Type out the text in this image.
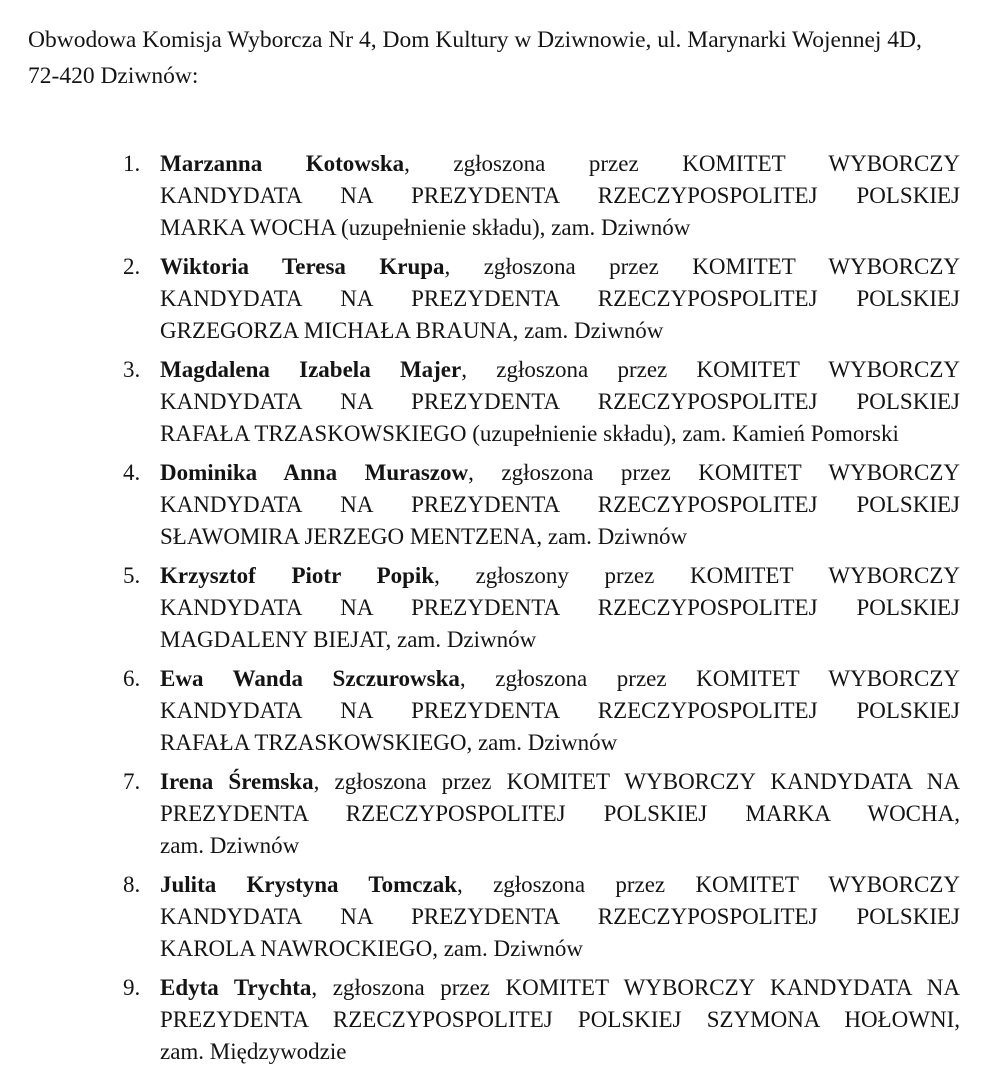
Obwodowa Komisja Wyborcza Nr 4, Dom Kultury w Dziwnowie, ul. Marynarki Wojennej 4D,
72-420 Dziwnów:
1. Marzanna Kotowska, zgłoszona przez KOMITET WYBORCZY
KANDYDATA NA PREZYDENTA RZECZYPOSPOLITEJ POLSKIEJ
MARKA WOCHA (uzupełnienie składu), zam. Dziwnów
2. Wiktoria Teresa Krupa, zgłoszona przez KOMITET WYBORCZY
KANDYDATA NA PREZYDENTA RZECZYPOSPOLITEJ POLSKIEJ
GRZEGORZA MICHAŁA BRAUNA, zam. Dziwnów
3. Magdalena Izabela Majer, zgłoszona przez KOMITET WYBORCZY
KANDYDATA NA PREZYDENTA RZECZYPOSPOLITEJ POLSKIEJ
RAFAŁA TRZASKOWSKIEGO (uzupełnienie składu), zam. Kamień Pomorski
4. Dominika Anna Muraszow, zgłoszona przez KOMITET WYBORCZY
KANDYDATA NA PREZYDENTA RZECZYPOSPOLITEJ POLSKIEJ
SŁAWOMIRA JERZEGO MENTZENA, zam. Dziwnów
5. Krzysztof Piotr Popik, zgłoszony przez KOMITET WYBORCZY
KANDYDATA NA PREZYDENTA RZECZYPOSPOLITEJ POLSKIEJ
MAGDALENY BIEJAT, zam. Dziwnów
6. Ewa Wanda Szczurowska, zgłoszona przez KOMITET WYBORCZY
KANDYDATA NA PREZYDENTA RZECZYPOSPOLITEJ POLSKIEJ
RAFAŁA TRZASKOWSKIEGO, zam. Dziwnów
7. Irena Śremska, zgłoszona przez KOMITET WYBORCZY KANDYDATA NA
PREZYDENTA RZECZYPOSPOLITEJ POLSKIEJ MARKA WOCHA,
zam. Dziwnów
8. Julita Krystyna Tomczak, zgłoszona przez KOMITET WYBORCZY
KANDYDATA NA PREZYDENTA RZECZYPOSPOLITEJ POLSKIEJ
KAROLA NAWROCKIEGO, zam. Dziwnów
9. Edyta Trychta, zgłoszona przez KOMITET WYBORCZY KANDYDATA NA
PREZYDENTA RZECZYPOSPOLITEJ POLSKIEJ SZYMONA HOŁOWNI,
zam. Międzywodzie
